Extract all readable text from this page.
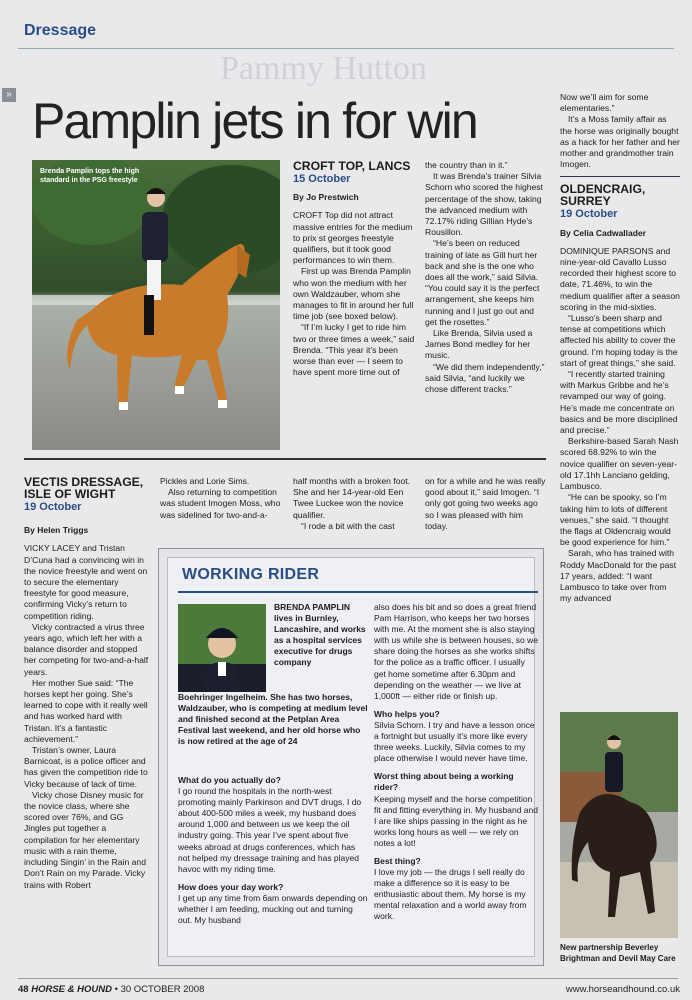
Pammy Hutton
Dressage
» Pamplin jets in for win
Brenda Pamplin tops the high standard in the PSG freestyle
CROFT TOP, LANCS
15 October
By Jo Prestwich

CROFT Top did not attract massive entries for the medium to prix st georges freestyle qualifiers, but it took good performances to win them.

First up was Brenda Pamplin who won the medium with her own Waldzauber, whom she manages to fit in around her full time job (see boxed below).

“If I’m lucky I get to ride him two or three times a week,” said Brenda. “This year it’s been worse than ever — I seem to have spent more time out of

the country than in it.”

It was Brenda’s trainer Silvia Schorn who scored the highest percentage of the show, taking the advanced medium with 72.17% riding Gillian Hyde’s Rousillon.

“He’s been on reduced training of late as Gill hurt her back and she is the one who does all the work,” said Silvia. “You could say it is the perfect arrangement, she keeps him running and I just go out and get the rosettes.”

Like Brenda, Silvia used a James Bond medley for her music.

“We did them independently,” said Silvia, “and luckily we chose different tracks.”

Now we’ll aim for some elementaries.”

It’s a Moss family affair as the horse was originally bought as a hack for her father and her mother and grandmother train Imogen.

OLDENCRAIG, SURREY
19 October
By Celia Cadwallader

DOMINIQUE PARSONS and nine-year-old Cavallo Lusso recorded their highest score to date, 71.46%, to win the medium qualifier after a season scoring in the mid-sixties.

“Lusso’s been sharp and tense at competitions which affected his ability to cover the ground. I’m hoping today is the start of great things,” she said.

“I recently started training with Markus Gribbe and he’s revamped our way of going. He’s made me concentrate on basics and be more disciplined and precise.”

Berkshire-based Sarah Nash scored 68.92% to win the novice qualifier on seven-year-old 17.1hh Lanciano gelding, Lambusco.

“He can be spooky, so I’m taking him to lots of different venues,” she said. “I thought the flags at Oldencraig would be good experience for him.”

Sarah, who has trained with Roddy MacDonald for the past 17 years, added: “I want Lambusco to take over from my advanced

New partnership Beverley Brightman and Devil May Care
VECTIS DRESSAGE, ISLE OF WIGHT
19 October
By Helen Triggs

VICKY LACEY and Tristan D’Cuna had a convincing win in the novice freestyle and went on to secure the elementary freestyle for good measure, confirming Vicky’s return to competition riding.

Vicky contracted a virus three years ago, which left her with a balance disorder and stopped her competing for two-and-a-half years.

Her mother Sue said: “The horses kept her going. She’s learned to cope with it really well and has worked hard with Tristan. It’s a fantastic achievement.”

Tristan’s owner, Laura Barnicoat, is a police officer and has given the competition ride to Vicky because of lack of time.

Vicky chose Disney music for the novice class, where she scored over 76%, and GG Jingles put together a compilation for her elementary music with a rain theme, including Singin’ in the Rain and Don’t Rain on my Parade. Vicky trains with Robert

Pickles and Lorie Sims.

Also returning to competition was student Imogen Moss, who was sidelined for two-and-a-

half months with a broken foot. She and her 14-year-old Een Twee Luckee won the novice qualifier.

“I rode a bit with the cast

on for a while and he was really good about it,” said Imogen. “I only got going two weeks ago so I was pleased with him today.

WORKING RIDER
BRENDA PAMPLIN lives in Burnley, Lancashire, and works as a hospital services executive for drugs company
Boehringer Ingelheim. She has two horses, Waldzauber, who is competing at medium level and finished second at the Petplan Area Festival last weekend, and her old horse who is now retired at the age of 24
What do you actually do?
I go round the hospitals in the north-west promoting mainly Parkinson and DVT drugs. I do about 400-500 miles a week, my husband does around 1,000 and between us we keep the oil industry going. This year I’ve spent about five weeks abroad at drugs conferences, which has not helped my dressage training and has played havoc with my riding time.
How does your day work?
I get up any time from 6am onwards depending on whether I am feeding, mucking out and turning out. My husband
also does his bit and so does a great friend Pam Harrison, who keeps her two horses with me. At the moment she is also staying with us while she is between houses, so we share doing the horses as she works shifts for the police as a traffic officer. I usually get home sometime after 6.30pm and depending on the weather — we live at 1,000ft — either ride or finish up.
Who helps you?
Silvia Schorn. I try and have a lesson once a fortnight but usually it’s more like every three weeks. Luckily, Silvia comes to my place otherwise I would never have time.
Worst thing about being a working rider?
Keeping myself and the horse competition fit and fitting everything in. My husband and I are like ships passing in the night as he works long hours as well — we rely on notes a lot!
Best thing?
I love my job — the drugs I sell really do make a difference so it is easy to be enthusiastic about them. My horse is my mental relaxation and a world away from work.
48 HORSE & HOUND • 30 OCTOBER 2008	www.horseandhound.co.uk
